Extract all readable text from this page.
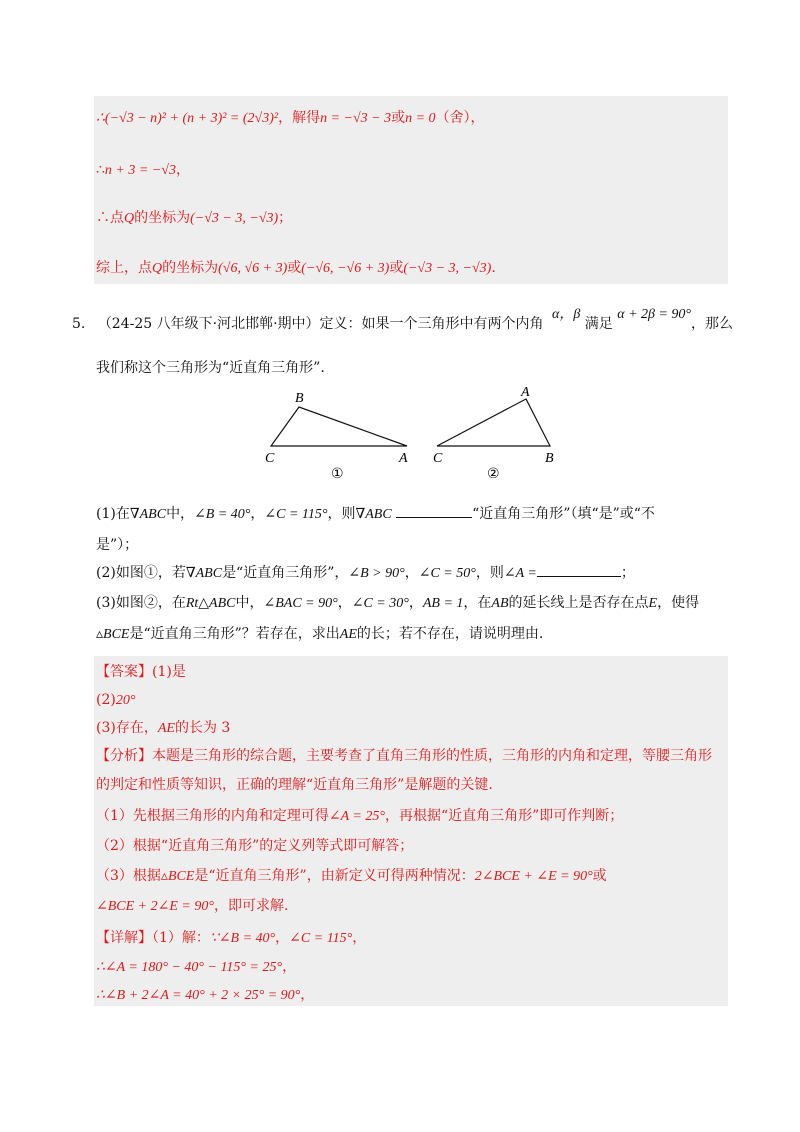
∴(−√3 − n)² + (n + 3)² = (2√3)²，解得n = −√3 − 3或n = 0（舍），
∴n + 3 = −√3，
∴点Q的坐标为(−√3 − 3, −√3)；
综上，点Q的坐标为(√6, √6 + 3)或(−√6, −√6 + 3)或(−√3 − 3, −√3).
5. （24-25 八年级下·河北邯郸·期中）定义：如果一个三角形中有两个内角 α，β 满足 α + 2β = 90°，那么
我们称这个三角形为“近直角三角形”.
B
C	A
①
A
C	B
②
(1)在∇ABC中，∠B = 40°，∠C = 115°，则∇ABC	“近直角三角形”（填“是”或“不
是”）；
(2)如图①，若∇ABC是“近直角三角形”，∠B > 90°，∠C = 50°，则∠A =	；
(3)如图②，在Rt△ABC中，∠BAC = 90°，∠C = 30°，AB = 1，在AB的延长线上是否存在点E，使得
▵BCE是“近直角三角形”？若存在，求出AE的长；若不存在，请说明理由.
【答案】(1)是
(2)20°
(3)存在，AE的长为 3
【分析】本题是三角形的综合题，主要考查了直角三角形的性质，三角形的内角和定理，等腰三角形
的判定和性质等知识，正确的理解“近直角三角形”是解题的关键.
（1）先根据三角形的内角和定理可得∠A = 25°，再根据“近直角三角形”即可作判断；
（2）根据“近直角三角形”的定义列等式即可解答；
（3）根据▵BCE是“近直角三角形”，由新定义可得两种情况：2∠BCE + ∠E = 90°或
∠BCE + 2∠E = 90°，即可求解.
【详解】（1）解：∵∠B = 40°，∠C = 115°，
∴∠A = 180° − 40° − 115° = 25°，
∴∠B + 2∠A = 40° + 2 × 25° = 90°，
